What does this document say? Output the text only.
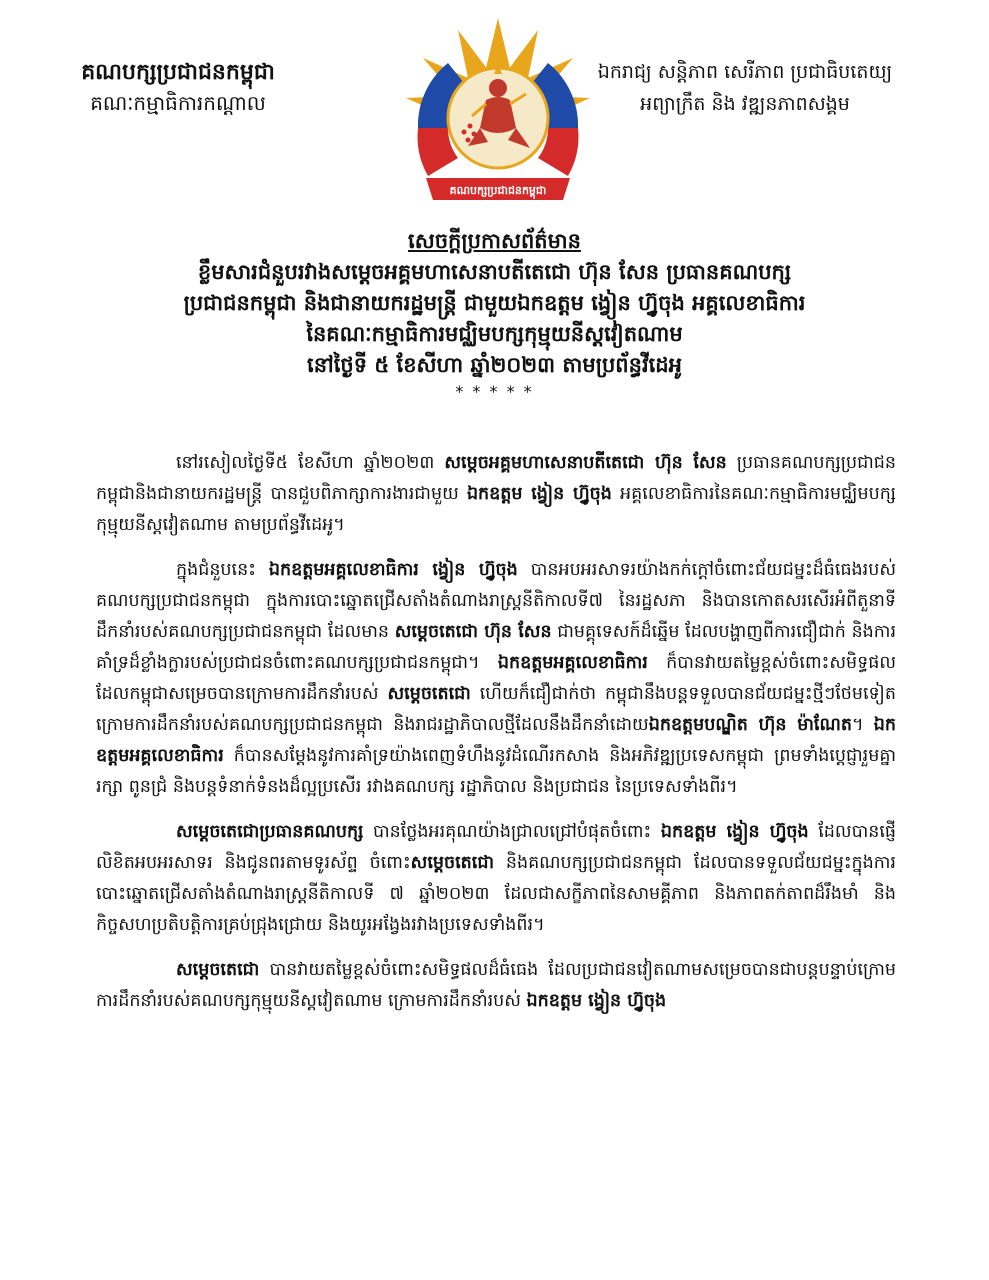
គណបក្សប្រជាជនកម្ពុជា
គណៈកម្មាធិការកណ្តាល
គណបក្សប្រជាជនកម្ពុជា
ឯករាជ្យ សន្តិភាព សេរីភាព ប្រជាធិបតេយ្យ
អព្យាក្រឹត និង វឌ្ឍនភាពសង្គម
សេចក្តីប្រកាសព័ត៌មាន
ខ្លឹមសារជំនួបរវាងសម្តេចអគ្គមហាសេនាបតីតេជោ ហ៊ុន សែន ប្រធានគណបក្ស
ប្រជាជនកម្ពុជា និងជានាយករដ្ឋមន្ត្រី ជាមួយឯកឧត្តម ង្វៀន ហ្វ៊ូចុង អគ្គលេខាធិការ
នៃគណៈកម្មាធិការមជ្ឈិមបក្សកុម្មុយនីស្តវៀតណាម
នៅថ្ងៃទី ៥ ខែសីហា ឆ្នាំ២០២៣ តាមប្រព័ន្ធវីដេអូ
* * * * *

នៅរសៀលថ្ងៃទី៥ ខែសីហា ឆ្នាំ២០២៣ សម្តេចអគ្គមហាសេនាបតីតេជោ ហ៊ុន សែន ប្រធានគណបក្សប្រជាជនកម្ពុជានិងជានាយករដ្ឋមន្ត្រី បានជួបពិភាក្សាការងារជាមួយ ឯកឧត្តម ង្វៀន ហ្វ៊ូចុង អគ្គលេខាធិការនៃគណៈកម្មាធិការមជ្ឈិមបក្សកុម្មុយនីស្តវៀតណាម តាមប្រព័ន្ធវីដេអូ។

ក្នុងជំនួបនេះ ឯកឧត្តមអគ្គលេខាធិការ ង្វៀន ហ្វ៊ូចុង បានអបអរសាទរយ៉ាងកក់ក្តៅចំពោះជ័យជម្នះដ៏ធំធេងរបស់គណបក្សប្រជាជនកម្ពុជា ក្នុងការបោះឆ្នោតជ្រើសតាំងតំណាងរាស្ត្រនីតិកាលទី៧ នៃរដ្ឋសភា និងបានកោតសរសើរអំពីតួនាទីដឹកនាំរបស់គណបក្សប្រជាជនកម្ពុជា ដែលមាន សម្តេចតេជោ ហ៊ុន សែន ជាមគ្គុទេសក៍ដ៏ឆ្នើម ដែលបង្ហាញពីការជឿជាក់ និងការគាំទ្រដ៏ខ្លាំងក្លារបស់ប្រជាជនចំពោះគណបក្សប្រជាជនកម្ពុជា។ ឯកឧត្តមអគ្គលេខាធិការ ក៏បានវាយតម្លៃខ្ពស់ចំពោះសមិទ្ធផលដែលកម្ពុជាសម្រេចបានក្រោមការដឹកនាំរបស់ សម្តេចតេជោ ហើយក៏ជឿជាក់ថា កម្ពុជានឹងបន្តទទួលបានជ័យជម្នះថ្មីៗថែមទៀត ក្រោមការដឹកនាំរបស់គណបក្សប្រជាជនកម្ពុជា និងរាជរដ្ឋាភិបាលថ្មីដែលនឹងដឹកនាំដោយឯកឧត្តមបណ្ឌិត ហ៊ុន ម៉ាណែត។ ឯកឧត្តមអគ្គលេខាធិការ ក៏បានសម្តែងនូវការគាំទ្រយ៉ាងពេញទំហឹងនូវដំណើរកសាង និងអភិវឌ្ឍប្រទេសកម្ពុជា ព្រមទាំងប្តេជ្ញារួមគ្នារក្សា ពូនជ្រំ និងបន្តទំនាក់ទំនងដ៏ល្អប្រសើរ រវាងគណបក្ស រដ្ឋាភិបាល និងប្រជាជន នៃប្រទេសទាំងពីរ។

សម្តេចតេជោប្រធានគណបក្ស បានថ្លែងអរគុណយ៉ាងជ្រាលជ្រៅបំផុតចំពោះ ឯកឧត្តម ង្វៀន ហ្វ៊ូចុង ដែលបានផ្ញើលិខិតអបអរសាទរ និងជូនពរតាមទូរស័ព្ទ ចំពោះសម្តេចតេជោ និងគណបក្សប្រជាជនកម្ពុជា ដែលបានទទួលជ័យជម្នះក្នុងការបោះឆ្នោតជ្រើសតាំងតំណាងរាស្ត្រនីតិកាលទី ៧ ឆ្នាំ២០២៣ ដែលជាសក្ខីភាពនៃសាមគ្គីភាព និងភាពតក់តាពដ៏រឹងមាំ និងកិច្ចសហប្រតិបត្តិការគ្រប់ជ្រុងជ្រោយ និងយូរអង្វែងរវាងប្រទេសទាំងពីរ។

សម្តេចតេជោ បានវាយតម្លៃខ្ពស់ចំពោះសមិទ្ធផលដ៏ធំធេង ដែលប្រជាជនវៀតណាមសម្រេចបានជាបន្តបន្ទាប់ក្រោមការដឹកនាំរបស់គណបក្សកុម្មុយនីស្តវៀតណាម ក្រោមការដឹកនាំរបស់ ឯកឧត្តម ង្វៀន ហ្វ៊ូចុង
